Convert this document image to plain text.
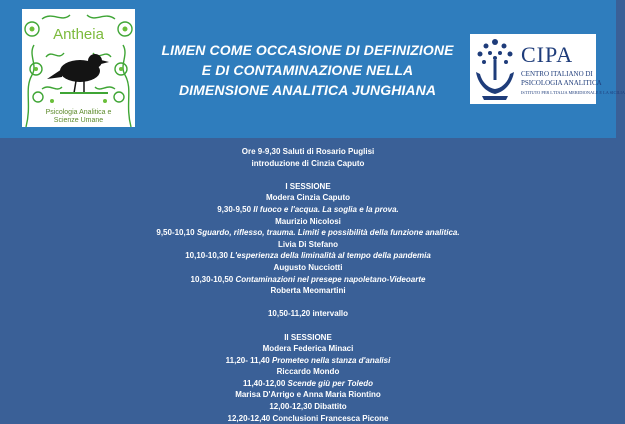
Antheia
Psicologia Analitica e
Scienze Umane
LIMEN COME OCCASIONE DI DEFINIZIONE
E DI CONTAMINAZIONE NELLA
DIMENSIONE ANALITICA JUNGHIANA
CIPA
CENTRO ITALIANO DI
PSICOLOGIA ANALITICA
ISTITUTO PER L'ITALIA MERIDIONALE E LA SICILIA
Ore 9-9,30 Saluti di Rosario Puglisi
introduzione di Cinzia Caputo
I SESSIONE
Modera Cinzia Caputo
9,30-9,50 Il fuoco e l'acqua. La soglia e la prova.
Maurizio Nicolosi
9,50-10,10 Sguardo, riflesso, trauma. Limiti e possibilità della funzione analitica.
Livia Di Stefano
10,10-10,30 L'esperienza della liminalità al tempo della pandemia
Augusto Nucciotti
10,30-10,50 Contaminazioni nel presepe napoletano-Videoarte
Roberta Meomartini
10,50-11,20 intervallo
II SESSIONE
Modera Federica Minaci
11,20- 11,40 Prometeo nella stanza d'analisi
Riccardo Mondo
11,40-12,00 Scende giù per Toledo
Marisa D'Arrigo e Anna Maria Riontino
12,00-12,30 Dibattito
12,20-12,40 Conclusioni Francesca Picone
